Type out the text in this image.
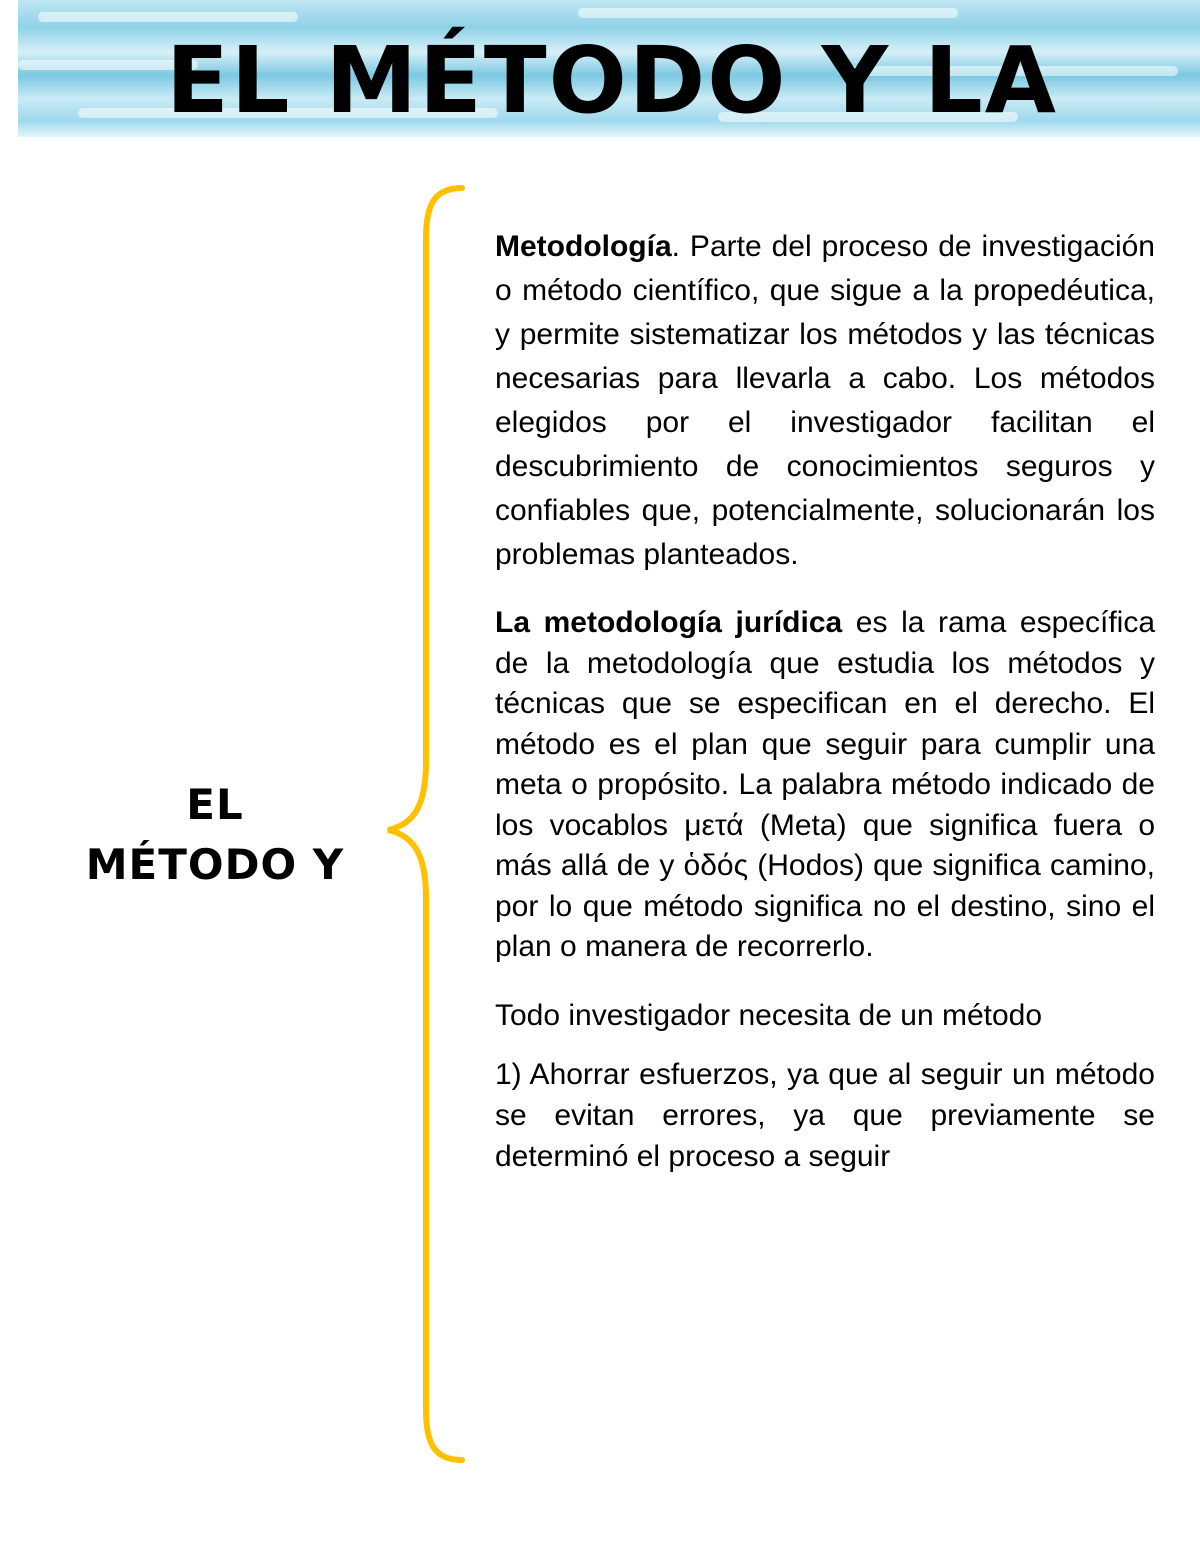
EL MÉTODO Y LA
EL
MÉTODO Y

Metodología. Parte del proceso de investigación o método científico, que sigue a la propedéutica, y permite sistematizar los métodos y las técnicas necesarias para llevarla a cabo. Los métodos elegidos por el investigador facilitan el descubrimiento de conocimientos seguros y confiables que, potencialmente, solucionarán los problemas planteados.

La metodología jurídica es la rama específica de la metodología que estudia los métodos y técnicas que se especifican en el derecho. El método es el plan que seguir para cumplir una meta o propósito. La palabra método indicado de los vocablos μετά (Meta) que significa fuera o más allá de y ὁδός (Hodos) que significa camino, por lo que método significa no el destino, sino el plan o manera de recorrerlo.

Todo investigador necesita de un método

1) Ahorrar esfuerzos, ya que al seguir un método se evitan errores, ya que previamente se determinó el proceso a seguir
